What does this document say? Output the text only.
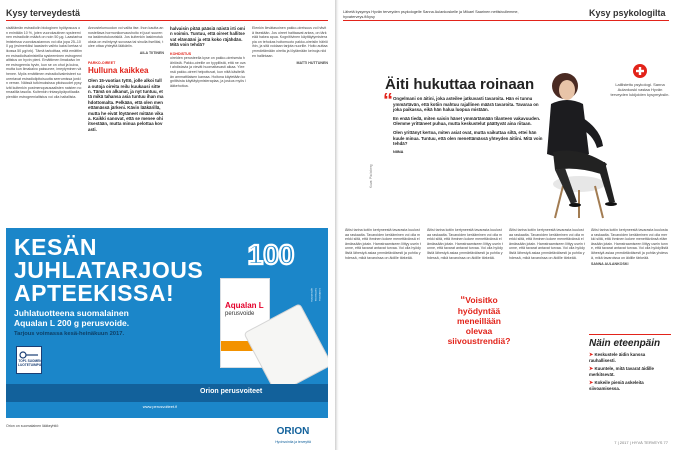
Kysy terveydestä
sisältämän estradiolin biologinen hyötyosuus on enintään 10 %, joten vuorokautinen systeeminen estradiolin määrä on noin 50 μg. Laastarivalmisteissa vuorokausiannos voi olla jopa 25–100 μg (esimerkiksi laastarin vaihto kaksi kertaa viikossa 50 μg/vrk). Tämä tarkoittaa, että emättimen estradiolivalmisteilla systeeminen estrogeenialtistus on hyvin pieni. Emättimen limakalvo imee estrogeenia hyvin, kun se on ohut ja kuiva, mutta kun limakalvo paksunee, imeytyminen vähenee. Myös emättimen estradiolivalmisteet suurentavat estradiolipitoisuutta seerumissa jonkin verran. Näissä tutkimuksissa pitoisuudet pysyivät kuitenkin postmenopausaalisten naisten normaalilla tasolla. Kuitenkin rintasyöpäpotilaalla pienikin estrogeenialtistus voi olla haitallista.
Annostelumuodon voi valita itse. Ihon kautta annosteltava hormonikorvaushoito ei juuri suurenna laskimotukosriskiä. Jos kuitenkin laskimotukoksia on esiintynyt suvussa tai sinulla itselläsi, tulee ottaa yhteyttä lääkäriin.
AILA TIITINEN
PARKO-OIREET
Hulluna kaikkea
Olen 15-vuotias tyttö, jolle alkoi tulla outoja oireita reilu kuukausi sitten. Tämä on alkanut, ja nyt tuntuu, että mikä tahansa asia tuntuu ihan mahdottomalta. Pelkään, että olen menettämässä järkeni. Kävin lääkärillä, mutta he eivät löytäneet mitään vikaa. Kaikki sanovat, että se menee ohi itsestään, mutta minua pelottaa kovasti.
halvaisin pitää pääsiä näistä irti omin voimin. Tuntuu, että oireet hallitsevat elämääni ja että koko räjähdän. Mitä voin tehdä?
KOHDISTUS
oireiden perusteella kyse on pakko-oireisesta häiriöstä. Pakko-oireille on tyypillistä, että ne ovat ahdistavia ja vievät huomattavasti aikaa. Yleensä pakko-oireet helpottuvat, kun niitä käsitellään ammattilaisen kanssa. Hoitona käytetään kognitiivista käyttäytymisterapiaa, ja joskus myös lääkehoitoa.
Elenkin lievätasoinen pakko-oireisuus voi hävitä itsestään. Jos oireet haittaavat arkea, on tärkeää hakea apua. Kognitiivinen käyttäytymisterapia on tehokas hoitomuoto pakko-oireisiin häiriöihin, ja sitä voidaan tarjota nuorille. Hoito auttaa ymmärtämään oireita ja löytämään keinoja niiden hallintaan.
MATTI HUTTUNEN
KESÄN
JUHLATARJOUS
APTEEKISSA!
Juhlatuotteena suomalainen
Aqualan L 200 g perusvoide.
Tarjous voimassa kesä-heinäkuun 2017.
100
Aqualan L
perusvoide
TOP1 SUOMEN LUOTETUIMPIA
Orion perusvoiteet
www.perusvoiteet.fi
Lisätietoa tuotteesta apteekista
Orion on suomalainen lääkeyhtiö	ORION
Hyvinvointia ja terveyttä
Kysy psykologilta
Lähetä kysymys Hyvän terveyden psykologelle Sanna Aulankoskelle ja Mikael Saarinen nettisivullemme, hyvaterveys.fi/kysy
Laillistettu psykologi. Sanna Aulankoski vastaa Hyvän terveyden lukijoiden kysymyksiin.
Äiti hukuttaa roinaan
“ Ongelmani on äitini, joka asteilee jatkuvasti tavaroita. Hän ei tunnu ymmärtävän, että kotiin mahtuu rajallinen määrä tavaroita. Tavaraa on joka paikassa, eikä hän halua luopua mistään.

En enää tiedä, miten saisin hänet ymmärtämään tilanteen vakavuuden. Olemme yrittäneet puhua, mutta keskustelut päättyvät aina riitaan.

Olen yrittänyt kertoa, miten asiat ovat, mutta vaikuttaa siltä, ettei hän kuule minua. Tuntuu, että olen menettämässä yhteyden äitiini. Mitä voin tehdä?

NIINA

Kuva: Pia Inberg
Äitisi tarina kotiin kertyneestä tavarasta kuulostaa raskaalta. Tavaroiden kerääminen voi olla merkki siitä, että ihminen kokee menettävänsä elämässään jotain. Hamstraamiseen liittyy usein tunne, että tavarat antavat turvaa. Voi olla hyödyllistä lähestyä asiaa ymmärtäväisesti ja pohtia yhdessä, mikä tavaroissa on äidille tärkeää.
Äitisi tarina kotiin kertyneestä tavarasta kuulostaa raskaalta. Tavaroiden kerääminen voi olla merkki siitä, että ihminen kokee menettävänsä elämässään jotain. Hamstraamiseen liittyy usein tunne, että tavarat antavat turvaa. Voi olla hyödyllistä lähestyä asiaa ymmärtäväisesti ja pohtia yhdessä, mikä tavaroissa on äidille tärkeää.
Äitisi tarina kotiin kertyneestä tavarasta kuulostaa raskaalta. Tavaroiden kerääminen voi olla merkki siitä, että ihminen kokee menettävänsä elämässään jotain. Hamstraamiseen liittyy usein tunne, että tavarat antavat turvaa. Voi olla hyödyllistä lähestyä asiaa ymmärtäväisesti ja pohtia yhdessä, mikä tavaroissa on äidille tärkeää.
Äitisi tarina kotiin kertyneestä tavarasta kuulostaa raskaalta. Tavaroiden kerääminen voi olla merkki siitä, että ihminen kokee menettävänsä elämässään jotain. Hamstraamiseen liittyy usein tunne, että tavarat antavat turvaa. Voi olla hyödyllistä lähestyä asiaa ymmärtäväisesti ja pohtia yhdessä, mikä tavaroissa on äidille tärkeää.
SANNA AULANKOSKI
“Voisitko hyödyntää meneillään olevaa siivoustrendiä?	Näin eteenpäin
➤ Keskustele äidin kanssa rauhallisesti.
➤ Kuuntele, mitä tavarat äidille merkitsevät.
➤ Kokeile pieniä askeleita siivoamisessa.
7 | 2017 | HYVÄ TERVEYS 77
